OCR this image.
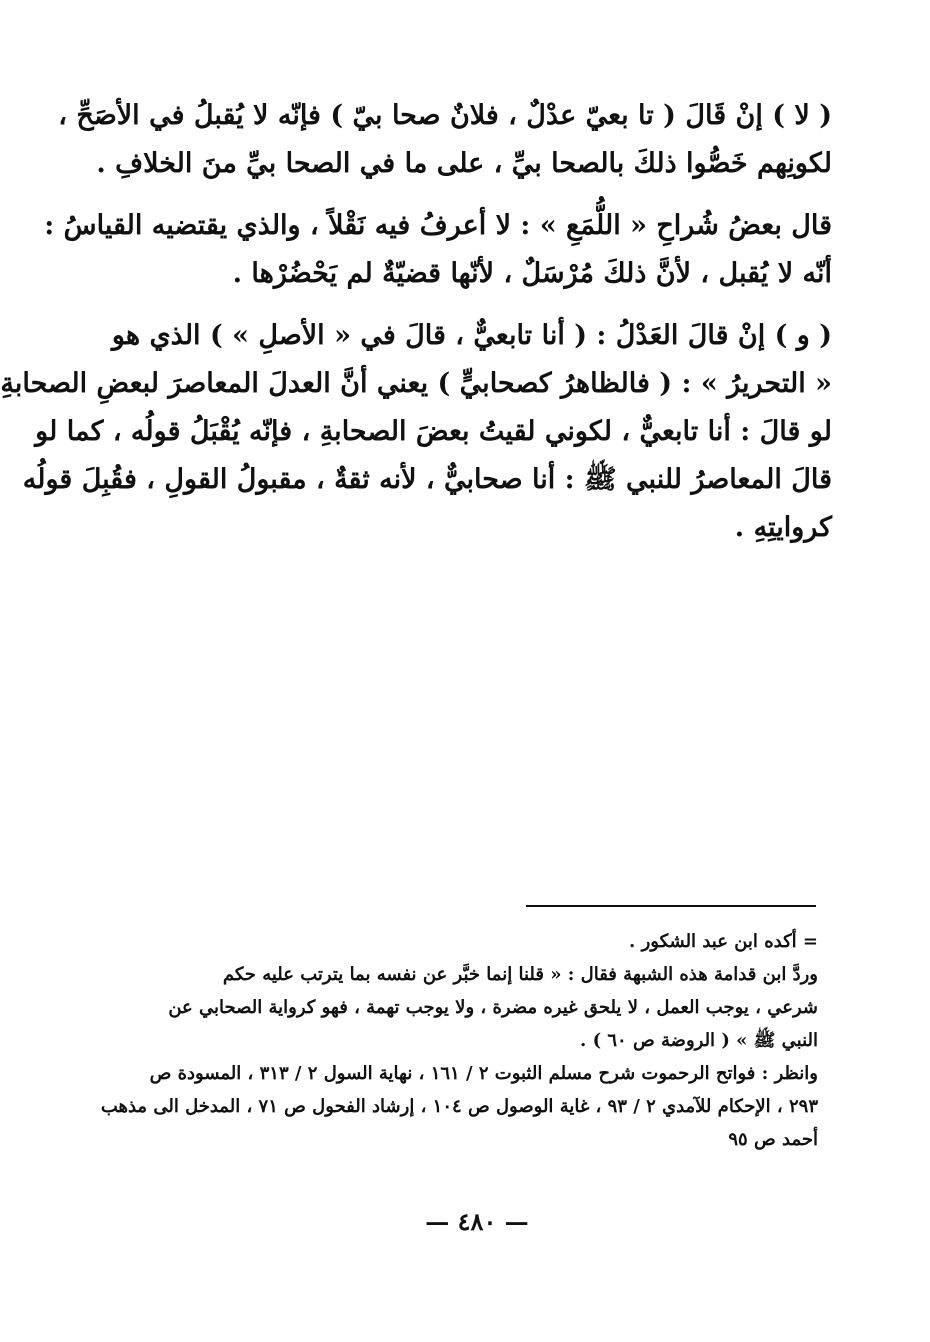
( لا ) إنْ قَالَ ( تا بعيّ عدْلٌ ، فلانٌ صحا بيّ ) فإنّه لا يُقبلُ في الأصَحِّ ،
لكونِهم خَصُّوا ذلكَ بالصحا بيِّ ، على ما في الصحا بيِّ منَ الخلافِ .

قال بعضُ شُراحِ « اللُّمَعِ » : لا أعرفُ فيه نَقْلاً ، والذي يقتضيه القياسُ :
أنّه لا يُقبل ، لأنَّ ذلكَ مُرْسَلٌ ، لأنّها قضيّةٌ لم يَحْضُرْها .

( و ) إنْ قالَ العَدْلُ : ( أنا تابعيٌّ ، قالَ في « الأصلِ » ) الذي هو
« التحريرُ » : ( فالظاهرُ كصحابيٍّ ) يعني أنَّ العدلَ المعاصرَ لبعضِ الصحابةِ
لو قالَ : أنا تابعيٌّ ، لكوني لقيتُ بعضَ الصحابةِ ، فإنّه يُقْبَلُ قولُه ، كما لو
قالَ المعاصرُ للنبي ﷺ : أنا صحابيٌّ ، لأنه ثقةٌ ، مقبولُ القولِ ، فقُبِلَ قولُه
كروايتِهِ .

= أكده ابن عبد الشكور .
وردَّ ابن قدامة هذه الشبهة فقال : « قلنا إنما خبَّر عن نفسه بما يترتب عليه حكم
شرعي ، يوجب العمل ، لا يلحق غيره مضرة ، ولا يوجب تهمة ، فهو كرواية الصحابي عن
النبي ﷺ » ( الروضة ص ٦٠ ) .
وانظر : فواتح الرحموت شرح مسلم الثبوت ٢ / ١٦١ ، نهاية السول ٢ / ٣١٣ ، المسودة ص
٢٩٣ ، الإحكام للآمدي ٢ / ٩٣ ، غاية الوصول ص ١٠٤ ، إرشاد الفحول ص ٧١ ، المدخل الى مذهب
أحمد ص ٩٥
— ٤٨٠ —
